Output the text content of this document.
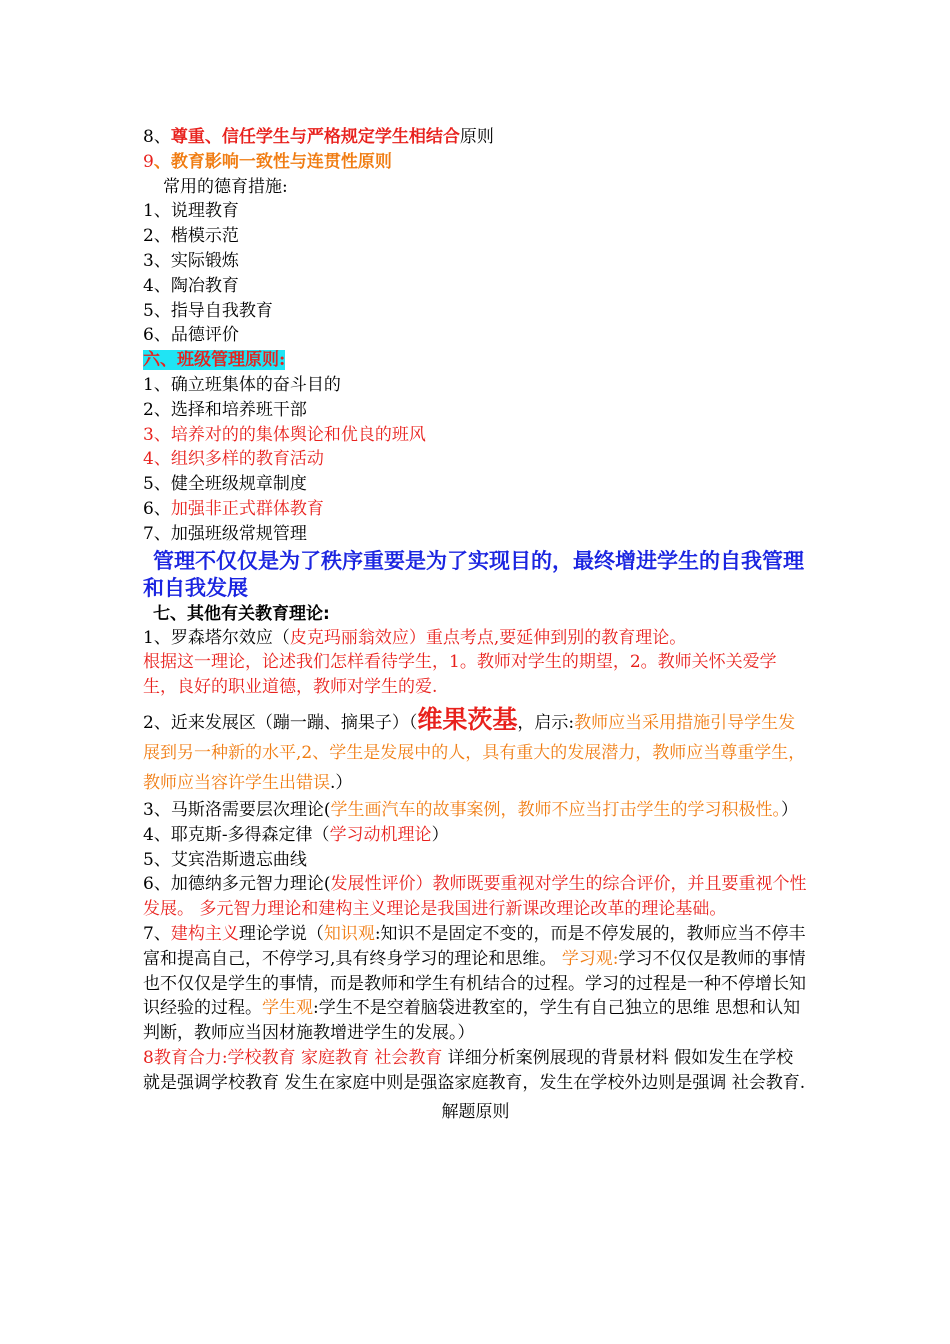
8、尊重、信任学生与严格规定学生相结合原则
9、教育影响一致性与连贯性原则
常用的德育措施:
1、说理教育
2、楷模示范
3、实际锻炼
4、陶冶教育
5、指导自我教育
6、品德评价
六、班级管理原则:
1、确立班集体的奋斗目的
2、选择和培养班干部
3、培养对的的集体舆论和优良的班风
4、组织多样的教育活动
5、健全班级规章制度
6、加强非正式群体教育
7、加强班级常规管理
管理不仅仅是为了秩序重要是为了实现目的，最终增进学生的自我管理和自我发展
七、其他有关教育理论:
1、罗森塔尔效应（皮克玛丽翁效应）重点考点,要延伸到别的教育理论。
根据这一理论，论述我们怎样看待学生，1。教师对学生的期望，2。教师关怀关爱学生，良好的职业道德，教师对学生的爱.
2、近来发展区（蹦一蹦、摘果子）（维果茨基，启示:教师应当采用措施引导学生发展到另一种新的水平,2、学生是发展中的人，具有重大的发展潜力，教师应当尊重学生，教师应当容许学生出错误.）
3、马斯洛需要层次理论(学生画汽车的故事案例，教师不应当打击学生的学习积极性。）
4、耶克斯-多得森定律（学习动机理论）
5、艾宾浩斯遗忘曲线
6、加德纳多元智力理论(发展性评价）教师既要重视对学生的综合评价，并且要重视个性发展。 多元智力理论和建构主义理论是我国进行新课改理论改革的理论基础。
7、建构主义理论学说（知识观:知识不是固定不变的，而是不停发展的，教师应当不停丰富和提高自己，不停学习,具有终身学习的理论和思维。 学习观:学习不仅仅是教师的事情也不仅仅是学生的事情，而是教师和学生有机结合的过程。学习的过程是一种不停增长知识经验的过程。学生观:学生不是空着脑袋进教室的，学生有自己独立的思维 思想和认知判断，教师应当因材施教增进学生的发展。）
8教育合力:学校教育 家庭教育 社会教育 详细分析案例展现的背景材料 假如发生在学校 就是强调学校教育 发生在家庭中则是强盗家庭教育，发生在学校外边则是强调 社会教育.
解题原则
